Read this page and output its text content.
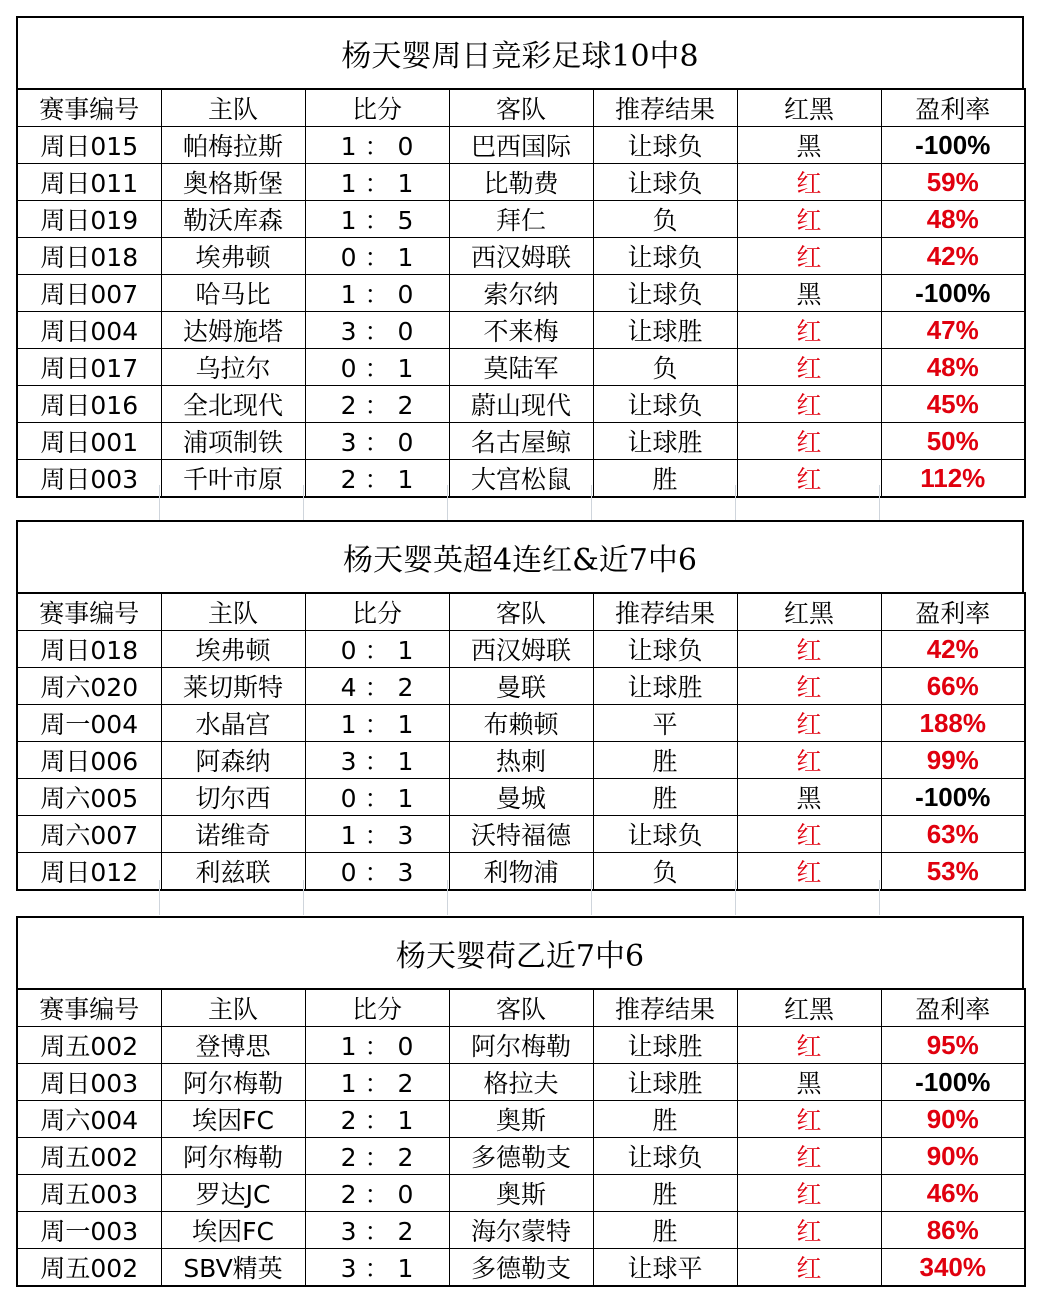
杨天婴周日竞彩足球10中8
赛事编号	主队	比分	客队	推荐结果	红黑	盈利率
周日015	帕梅拉斯	1 ： 0	巴西国际	让球负	黑	-100%
周日011	奥格斯堡	1 ： 1	比勒费	让球负	红	59%
周日019	勒沃库森	1 ： 5	拜仁	负	红	48%
周日018	埃弗顿	0 ： 1	西汉姆联	让球负	红	42%
周日007	哈马比	1 ： 0	索尔纳	让球负	黑	-100%
周日004	达姆施塔	3 ： 0	不来梅	让球胜	红	47%
周日017	乌拉尔	0 ： 1	莫陆军	负	红	48%
周日016	全北现代	2 ： 2	蔚山现代	让球负	红	45%
周日001	浦项制铁	3 ： 0	名古屋鲸	让球胜	红	50%
周日003	千叶市原	2 ： 1	大宫松鼠	胜	红	112%
杨天婴英超4连红&近7中6
赛事编号	主队	比分	客队	推荐结果	红黑	盈利率
周日018	埃弗顿	0 ： 1	西汉姆联	让球负	红	42%
周六020	莱切斯特	4 ： 2	曼联	让球胜	红	66%
周一004	水晶宫	1 ： 1	布赖顿	平	红	188%
周日006	阿森纳	3 ： 1	热刺	胜	红	99%
周六005	切尔西	0 ： 1	曼城	胜	黑	-100%
周六007	诺维奇	1 ： 3	沃特福德	让球负	红	63%
周日012	利兹联	0 ： 3	利物浦	负	红	53%
杨天婴荷乙近7中6
赛事编号	主队	比分	客队	推荐结果	红黑	盈利率
周五002	登博思	1 ： 0	阿尔梅勒	让球胜	红	95%
周日003	阿尔梅勒	1 ： 2	格拉夫	让球胜	黑	-100%
周六004	埃因FC	2 ： 1	奥斯	胜	红	90%
周五002	阿尔梅勒	2 ： 2	多德勒支	让球负	红	90%
周五003	罗达JC	2 ： 0	奥斯	胜	红	46%
周一003	埃因FC	3 ： 2	海尔蒙特	胜	红	86%
周五002	SBV精英	3 ： 1	多德勒支	让球平	红	340%
